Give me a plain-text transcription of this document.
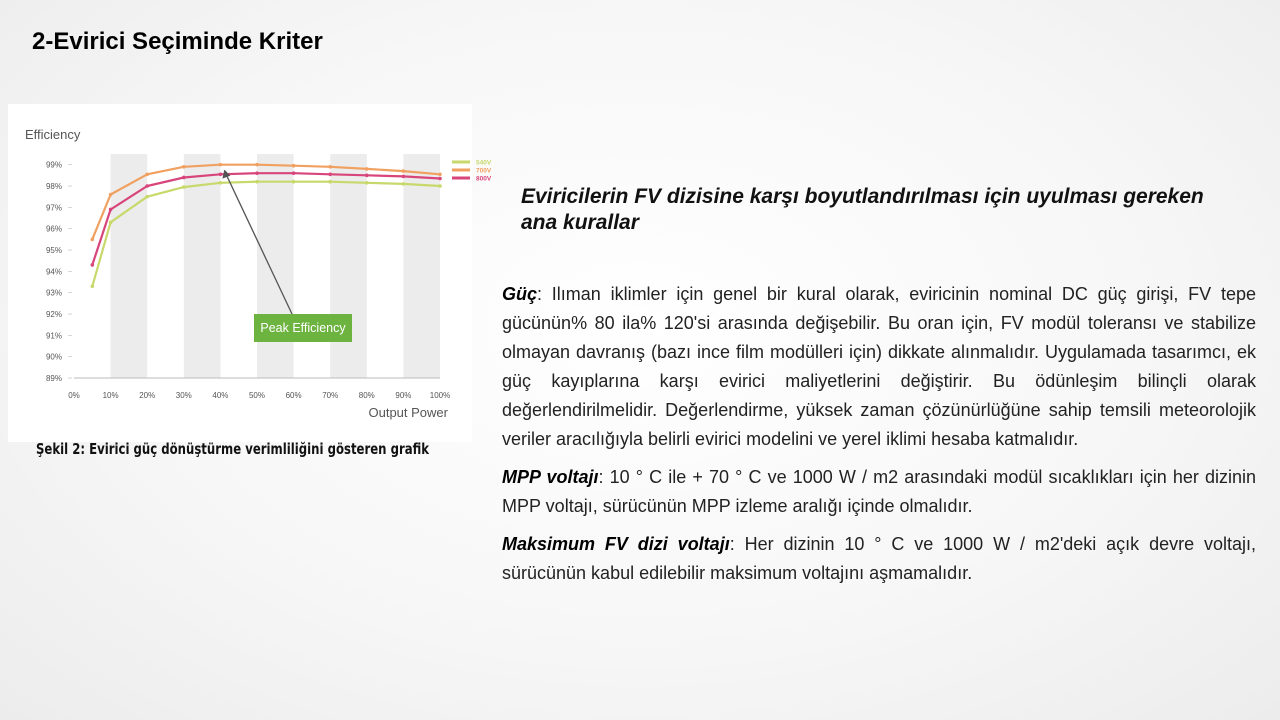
2-Evirici Seçiminde Kriter
89%
90%
91%
92%
93%
94%
95%
96%
97%
98%
99%
0%	10%	20%	30%	40%	50%	60%	70%	80%	90% 100%
Efficiency
Output Power
540V
700V
800V
Peak Efficiency
Şekil 2: Evirici güç dönüştürme verimliliğini gösteren grafik
Eviricilerin FV dizisine karşı boyutlandırılması için uyulması gereken ana kurallar

Güç: Ilıman iklimler için genel bir kural olarak, eviricinin nominal DC güç girişi, FV tepe gücünün% 80 ila% 120'si arasında değişebilir. Bu oran için, FV modül toleransı ve stabilize olmayan davranış (bazı ince film modülleri için) dikkate alınmalıdır. Uygulamada tasarımcı, ek güç kayıplarına karşı evirici maliyetlerini değiştirir. Bu ödünleşim bilinçli olarak değerlendirilmelidir. Değerlendirme, yüksek zaman çözünürlüğüne sahip temsili meteorolojik veriler aracılığıyla belirli evirici modelini ve yerel iklimi hesaba katmalıdır.

MPP voltajı: 10 ° C ile + 70 ° C ve 1000 W / m2 arasındaki modül sıcaklıkları için her dizinin MPP voltajı, sürücünün MPP izleme aralığı içinde olmalıdır.

Maksimum FV dizi voltajı: Her dizinin 10 ° C ve 1000 W / m2'deki açık devre voltajı, sürücünün kabul edilebilir maksimum voltajını aşmamalıdır.
